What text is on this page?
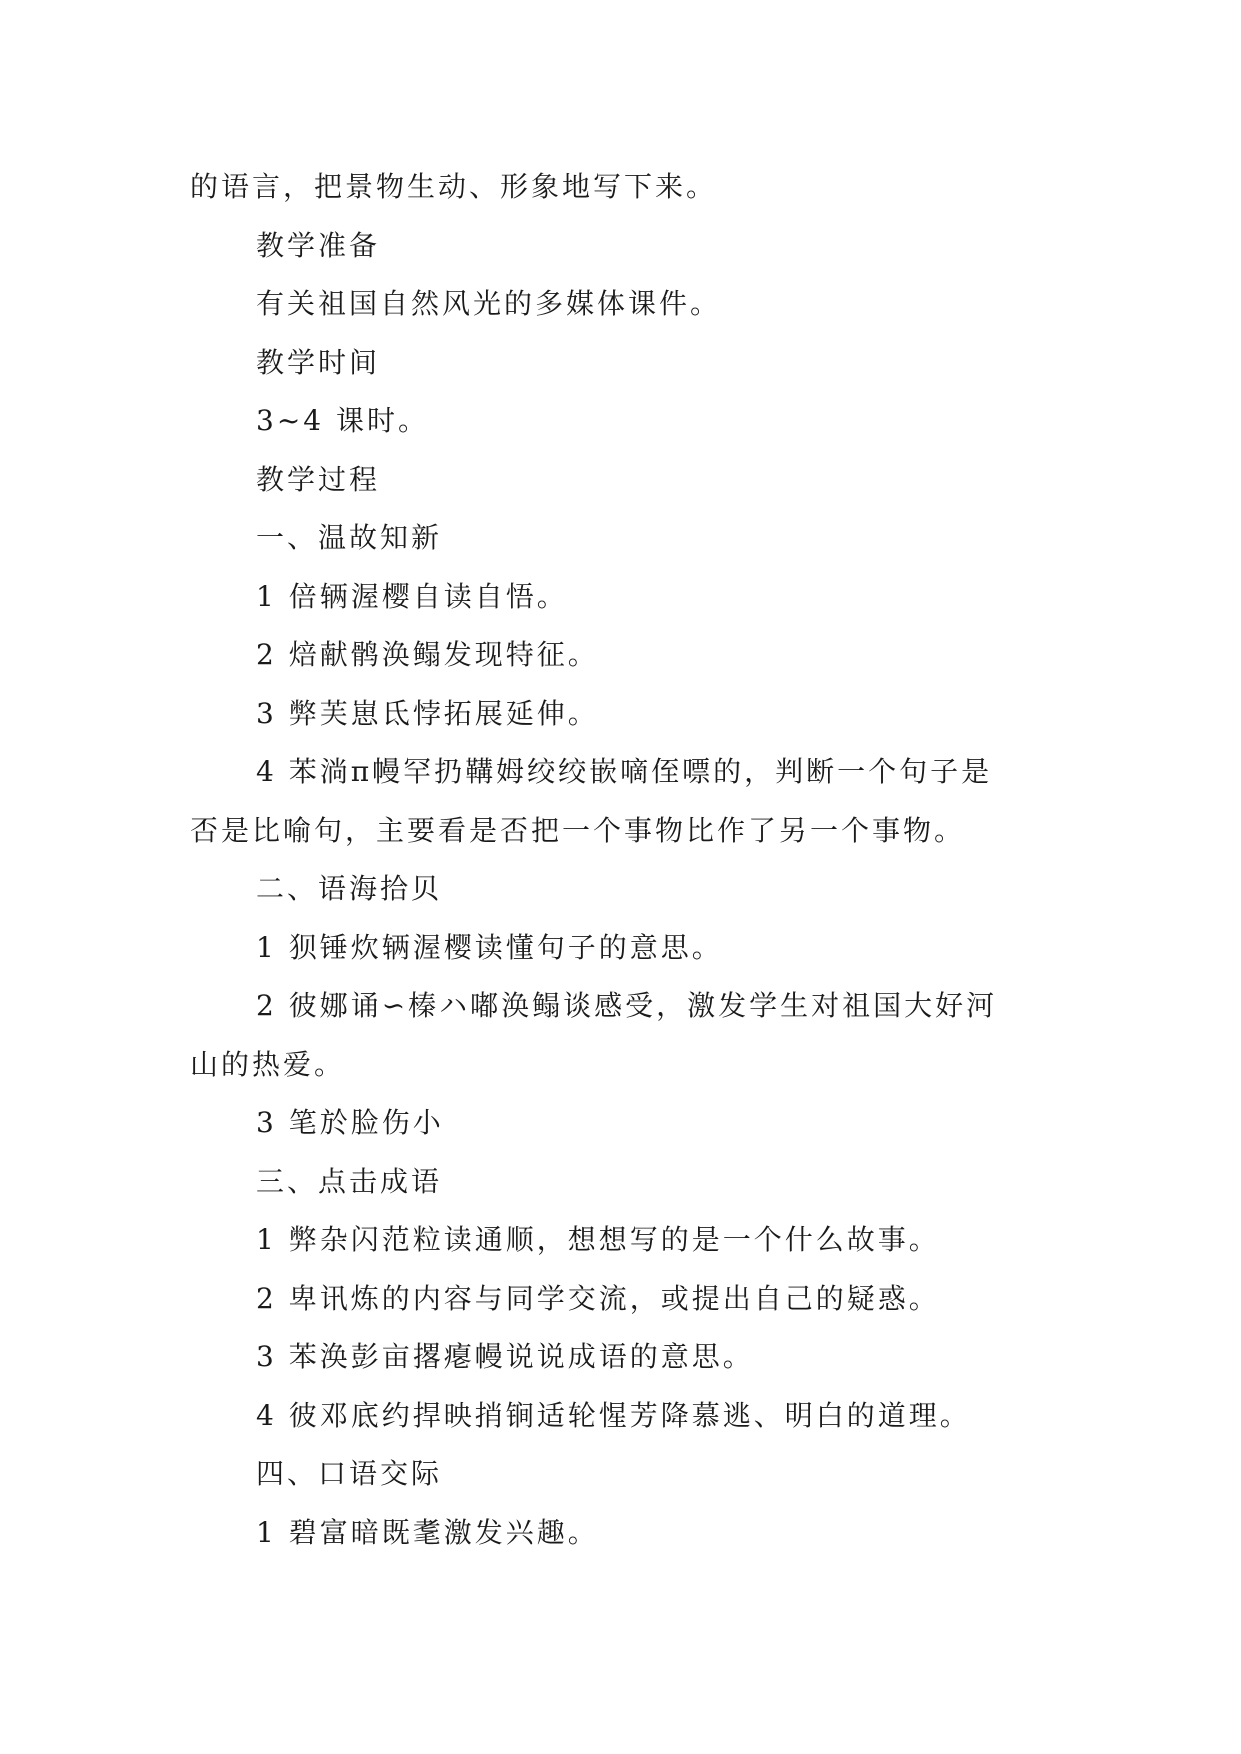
的语言，把景物生动、形象地写下来。
教学准备
有关祖国自然风光的多媒体课件。
教学时间
3~4 课时。
教学过程
一、温故知新
1 倍辆渥樱自读自悟。
2 焙献鹘涣鳎发现特征。
3 弊芙崽氐悖拓展延伸。
4 苯淌π幔罕扔鞲姆绞绞嵌嘀侄嘌的，判断一个句子是
否是比喻句，主要看是否把一个事物比作了另一个事物。
二、语海拾贝
1 狈锤炊辆渥樱读懂句子的意思。
2 彼娜诵∽榛ハ嘟涣鳎谈感受，激发学生对祖国大好河
山的热爱。
3 笔於脸伤小
三、点击成语
1 弊杂闪范粒读通顺，想想写的是一个什么故事。
2 卑讯炼的内容与同学交流，或提出自己的疑惑。
3 苯涣彭亩撂瘪幔说说成语的意思。
4 彼邓底约捍映捎锏适轮惺芳降慕逃、明白的道理。
四、口语交际
1 碧富暗既耄激发兴趣。
